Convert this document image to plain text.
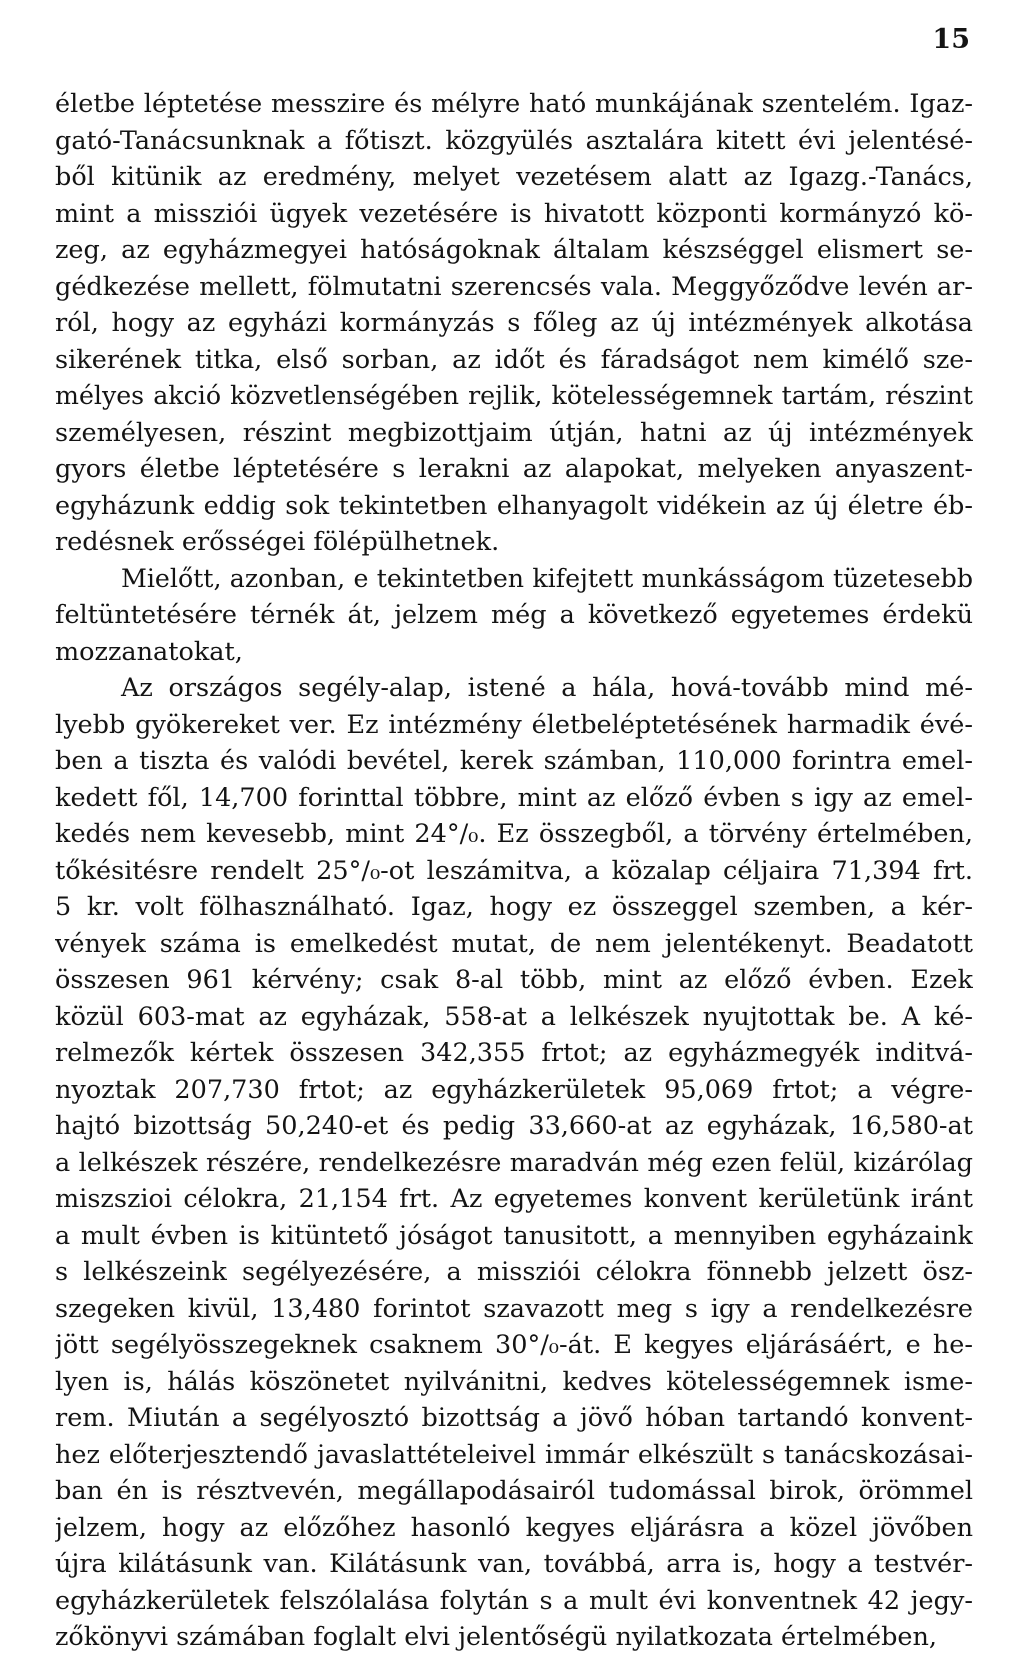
15

életbe léptetése messzire és mélyre ható munkájának szentelém. Igaz-
gató-Tanácsunknak a főtiszt. közgyülés asztalára kitett évi jelentésé-
ből kitünik az eredmény, melyet vezetésem alatt az Igazg.-Tanács,
mint a missziói ügyek vezetésére is hivatott központi kormányzó kö-
zeg, az egyházmegyei hatóságoknak általam készséggel elismert se-
gédkezése mellett, fölmutatni szerencsés vala. Meggyőződve levén ar-
ról, hogy az egyházi kormányzás s főleg az új intézmények alkotása
sikerének titka, első sorban, az időt és fáradságot nem kimélő sze-
mélyes akció közvetlenségében rejlik, kötelességemnek tartám, részint
személyesen, részint megbizottjaim útján, hatni az új intézmények
gyors életbe léptetésére s lerakni az alapokat, melyeken anyaszent-
egyházunk eddig sok tekintetben elhanyagolt vidékein az új életre éb-
redésnek erősségei fölépülhetnek.

Mielőtt, azonban, e tekintetben kifejtett munkásságom tüzetesebb
feltüntetésére térnék át, jelzem még a következő egyetemes érdekü
mozzanatokat,

Az országos segély-alap, istené a hála, hová-tovább mind mé-
lyebb gyökereket ver. Ez intézmény életbeléptetésének harmadik évé-
ben a tiszta és valódi bevétel, kerek számban, 110,000 forintra emel-
kedett fől, 14,700 forinttal többre, mint az előző évben s igy az emel-
kedés nem kevesebb, mint 24°/₀. Ez összegből, a törvény értelmében,
tőkésitésre rendelt 25°/₀-ot leszámitva, a közalap céljaira 71,394 frt.
5 kr. volt fölhasználható. Igaz, hogy ez összeggel szemben, a kér-
vények száma is emelkedést mutat, de nem jelentékenyt. Beadatott
összesen 961 kérvény; csak 8-al több, mint az előző évben. Ezek
közül 603-mat az egyházak, 558-at a lelkészek nyujtottak be. A ké-
relmezők kértek összesen 342,355 frtot; az egyházmegyék inditvá-
nyoztak 207,730 frtot; az egyházkerületek 95,069 frtot; a végre-
hajtó bizottság 50,240-et és pedig 33,660-at az egyházak, 16,580-at
a lelkészek részére, rendelkezésre maradván még ezen felül, kizárólag
miszszioi célokra, 21,154 frt. Az egyetemes konvent kerületünk iránt
a mult évben is kitüntető jóságot tanusitott, a mennyiben egyházaink
s lelkészeink segélyezésére, a missziói célokra fönnebb jelzett ösz-
szegeken kivül, 13,480 forintot szavazott meg s igy a rendelkezésre
jött segélyösszegeknek csaknem 30°/₀-át. E kegyes eljárásáért, e he-
lyen is, hálás köszönetet nyilvánitni, kedves kötelességemnek isme-
rem. Miután a segélyosztó bizottság a jövő hóban tartandó konvent-
hez előterjesztendő javaslattételeivel immár elkészült s tanácskozásai-
ban én is résztvevén, megállapodásairól tudomással birok, örömmel
jelzem, hogy az előzőhez hasonló kegyes eljárásra a közel jövőben
újra kilátásunk van. Kilátásunk van, továbbá, arra is, hogy a testvér-
egyházkerületek felszólalása folytán s a mult évi konventnek 42 jegy-
zőkönyvi számában foglalt elvi jelentőségü nyilatkozata értelmében,
